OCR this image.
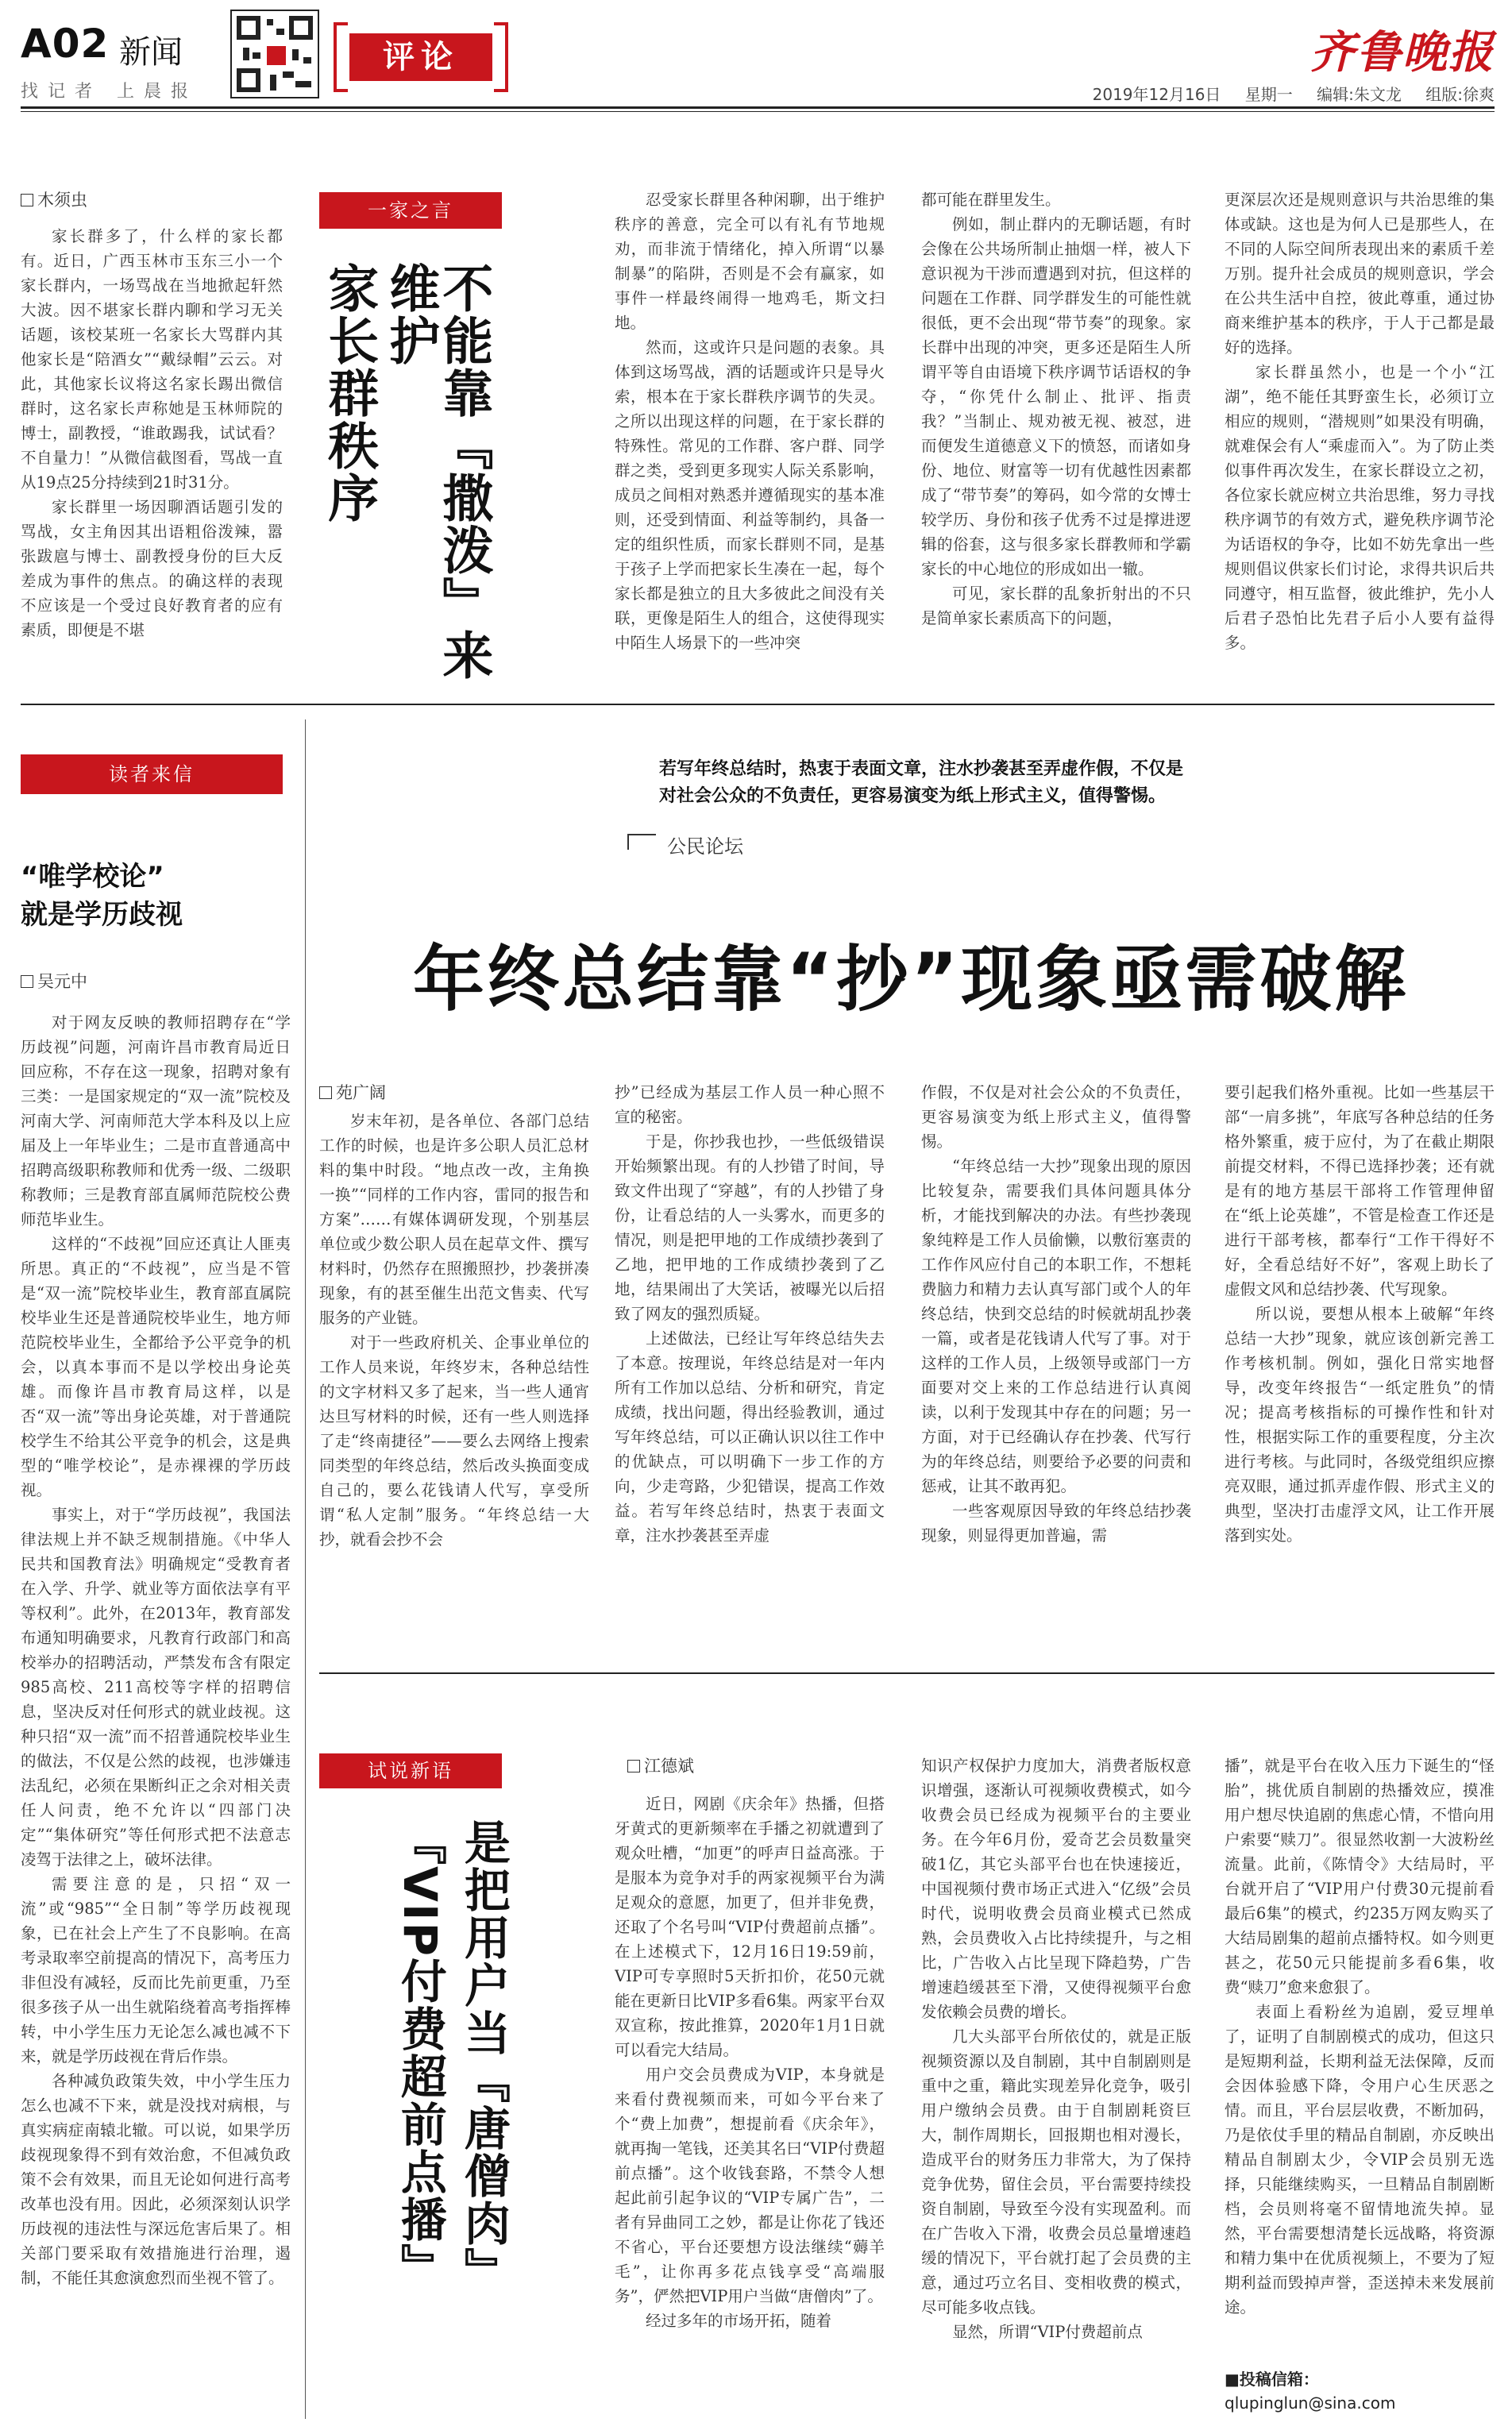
A02 新闻
找记者 上晨报
评论	齐鲁晚报
2019年12月16日 星期一 编辑:朱文龙 组版:徐爽
木须虫

家长群多了，什么样的家长都有。近日，广西玉林市玉东三小一个家长群内，一场骂战在当地掀起轩然大波。因不堪家长群内聊和学习无关话题，该校某班一名家长大骂群内其他家长是“陪酒女”“戴绿帽”云云。对此，其他家长议将这名家长踢出微信群时，这名家长声称她是玉林师院的博士，副教授，“谁敢踢我，试试看？不自量力！”从微信截图看，骂战一直从19点25分持续到21时31分。

家长群里一场因聊酒话题引发的骂战，女主角因其出语粗俗泼辣，嚣张跋扈与博士、副教授身份的巨大反差成为事件的焦点。的确这样的表现不应该是一个受过良好教育者的应有素质，即便是不堪

一家之言
不能靠『撒泼』来维护
家长群秩序

忍受家长群里各种闲聊，出于维护秩序的善意，完全可以有礼有节地规劝，而非流于情绪化，掉入所谓“以暴制暴”的陷阱，否则是不会有赢家，如事件一样最终闹得一地鸡毛，斯文扫地。

然而，这或许只是问题的表象。具体到这场骂战，酒的话题或许只是导火索，根本在于家长群秩序调节的失灵。之所以出现这样的问题，在于家长群的特殊性。常见的工作群、客户群、同学群之类，受到更多现实人际关系影响，成员之间相对熟悉并遵循现实的基本准则，还受到情面、利益等制约，具备一定的组织性质，而家长群则不同，是基于孩子上学而把家长生凑在一起，每个家长都是独立的且大多彼此之间没有关联，更像是陌生人的组合，这使得现实中陌生人场景下的一些冲突

都可能在群里发生。

例如，制止群内的无聊话题，有时会像在公共场所制止抽烟一样，被人下意识视为干涉而遭遇到对抗，但这样的问题在工作群、同学群发生的可能性就很低，更不会出现“带节奏”的现象。家长群中出现的冲突，更多还是陌生人所谓平等自由语境下秩序调节话语权的争夺，“你凭什么制止、批评、指责我？”当制止、规劝被无视、被怼，进而便发生道德意义下的愤怒，而诸如身份、地位、财富等一切有优越性因素都成了“带节奏”的筹码，如今常的女博士较学历、身份和孩子优秀不过是撑进逻辑的俗套，这与很多家长群教师和学霸家长的中心地位的形成如出一辙。

可见，家长群的乱象折射出的不只是简单家长素质高下的问题，

更深层次还是规则意识与共治思维的集体或缺。这也是为何人已是那些人，在不同的人际空间所表现出来的素质千差万别。提升社会成员的规则意识，学会在公共生活中自控，彼此尊重，通过协商来维护基本的秩序，于人于己都是最好的选择。

家长群虽然小，也是一个小“江湖”，绝不能任其野蛮生长，必须订立相应的规则，“潜规则”如果没有明确，就难保会有人“乘虚而入”。为了防止类似事件再次发生，在家长群设立之初，各位家长就应树立共治思维，努力寻找秩序调节的有效方式，避免秩序调节沦为话语权的争夺，比如不妨先拿出一些规则倡议供家长们讨论，求得共识后共同遵守，相互监督，彼此维护，先小人后君子恐怕比先君子后小人要有益得多。

读者来信
“唯学校论”
就是学历歧视
吴元中

对于网友反映的教师招聘存在“学历歧视”问题，河南许昌市教育局近日回应称，不存在这一现象，招聘对象有三类：一是国家规定的“双一流”院校及河南大学、河南师范大学本科及以上应届及上一年毕业生；二是市直普通高中招聘高级职称教师和优秀一级、二级职称教师；三是教育部直属师范院校公费师范毕业生。

这样的“不歧视”回应还真让人匪夷所思。真正的“不歧视”，应当是不管是“双一流”院校毕业生，教育部直属院校毕业生还是普通院校毕业生，地方师范院校毕业生，全都给予公平竞争的机会，以真本事而不是以学校出身论英雄。而像许昌市教育局这样，以是否“双一流”等出身论英雄，对于普通院校学生不给其公平竞争的机会，这是典型的“唯学校论”，是赤裸裸的学历歧视。

事实上，对于“学历歧视”，我国法律法规上并不缺乏规制措施。《中华人民共和国教育法》明确规定“受教育者在入学、升学、就业等方面依法享有平等权利”。此外，在2013年，教育部发布通知明确要求，凡教育行政部门和高校举办的招聘活动，严禁发布含有限定985高校、211高校等字样的招聘信息，坚决反对任何形式的就业歧视。这种只招“双一流”而不招普通院校毕业生的做法，不仅是公然的歧视，也涉嫌违法乱纪，必须在果断纠正之余对相关责任人问责，绝不允许以“四部门决定”“集体研究”等任何形式把不法意志凌驾于法律之上，破坏法律。

需要注意的是，只招“双一流”或“985”“全日制”等学历歧视现象，已在社会上产生了不良影响。在高考录取率空前提高的情况下，高考压力非但没有减轻，反而比先前更重，乃至很多孩子从一出生就陷绕着高考指挥棒转，中小学生压力无论怎么减也减不下来，就是学历歧视在背后作祟。

各种减负政策失效，中小学生压力怎么也减不下来，就是没找对病根，与真实病症南辕北辙。可以说，如果学历歧视现象得不到有效治愈，不但减负政策不会有效果，而且无论如何进行高考改革也没有用。因此，必须深刻认识学历歧视的违法性与深远危害后果了。相关部门要采取有效措施进行治理，遏制，不能任其愈演愈烈而坐视不管了。

若写年终总结时，热衷于表面文章，注水抄袭甚至弄虚作假，不仅是对社会公众的不负责任，更容易演变为纸上形式主义，值得警惕。
公民论坛
年终总结靠“抄”现象亟需破解
苑广阔

岁末年初，是各单位、各部门总结工作的时候，也是许多公职人员汇总材料的集中时段。“地点改一改，主角换一换”“同样的工作内容，雷同的报告和方案”……有媒体调研发现，个别基层单位或少数公职人员在起草文件、撰写材料时，仍然存在照搬照抄，抄袭拼凑现象，有的甚至催生出范文售卖、代写服务的产业链。

对于一些政府机关、企事业单位的工作人员来说，年终岁末，各种总结性的文字材料又多了起来，当一些人通宵达旦写材料的时候，还有一些人则选择了走“终南捷径”——要么去网络上搜索同类型的年终总结，然后改头换面变成自己的，要么花钱请人代写，享受所谓“私人定制”服务。“年终总结一大抄，就看会抄不会

抄”已经成为基层工作人员一种心照不宣的秘密。

于是，你抄我也抄，一些低级错误开始频繁出现。有的人抄错了时间，导致文件出现了“穿越”，有的人抄错了身份，让看总结的人一头雾水，而更多的情况，则是把甲地的工作成绩抄袭到了乙地，把甲地的工作成绩抄袭到了乙地，结果闹出了大笑话，被曝光以后招致了网友的强烈质疑。

上述做法，已经让写年终总结失去了本意。按理说，年终总结是对一年内所有工作加以总结、分析和研究，肯定成绩，找出问题，得出经验教训，通过写年终总结，可以正确认识以往工作中的优缺点，可以明确下一步工作的方向，少走弯路，少犯错误，提高工作效益。若写年终总结时，热衷于表面文章，注水抄袭甚至弄虚

作假，不仅是对社会公众的不负责任，更容易演变为纸上形式主义，值得警惕。

“年终总结一大抄”现象出现的原因比较复杂，需要我们具体问题具体分析，才能找到解决的办法。有些抄袭现象纯粹是工作人员偷懒，以敷衍塞责的工作作风应付自己的本职工作，不想耗费脑力和精力去认真写部门或个人的年终总结，快到交总结的时候就胡乱抄袭一篇，或者是花钱请人代写了事。对于这样的工作人员，上级领导或部门一方面要对交上来的工作总结进行认真阅读，以利于发现其中存在的问题；另一方面，对于已经确认存在抄袭、代写行为的年终总结，则要给予必要的问责和惩戒，让其不敢再犯。

一些客观原因导致的年终总结抄袭现象，则显得更加普遍，需

要引起我们格外重视。比如一些基层干部“一肩多挑”，年底写各种总结的任务格外繁重，疲于应付，为了在截止期限前提交材料，不得已选择抄袭；还有就是有的地方基层干部将工作管理伸留在“纸上论英雄”，不管是检查工作还是进行干部考核，都奉行“工作干得好不好，全看总结好不好”，客观上助长了虚假文风和总结抄袭、代写现象。

所以说，要想从根本上破解“年终总结一大抄”现象，就应该创新完善工作考核机制。例如，强化日常实地督导，改变年终报告“一纸定胜负”的情况；提高考核指标的可操作性和针对性，根据实际工作的重要程度，分主次进行考核。与此同时，各级党组织应擦亮双眼，通过抓弄虚作假、形式主义的典型，坚决打击虚浮文风，让工作开展落到实处。

试说新语
是把用户当『唐僧肉』
『VIP付费超前点播』
江德斌

近日，网剧《庆余年》热播，但搭牙黄式的更新频率在手播之初就遭到了观众吐槽，“加更”的呼声日益高涨。于是服本为竞争对手的两家视频平台为满足观众的意愿，加更了，但并非免费，还取了个名号叫“VIP付费超前点播”。在上述模式下，12月16日19:59前，VIP可专享照时5天折扣价，花50元就能在更新日比VIP多看6集。两家平台双双宣称，按此推算，2020年1月1日就可以看完大结局。

用户交会员费成为VIP，本身就是来看付费视频而来，可如今平台来了个“费上加费”，想提前看《庆余年》，就再掏一笔钱，还美其名曰“VIP付费超前点播”。这个收钱套路，不禁令人想起此前引起争议的“VIP专属广告”，二者有异曲同工之妙，都是让你花了钱还不省心，平台还要想方设法继续“薅羊毛”，让你再多花点钱享受“高端服务”，俨然把VIP用户当做“唐僧肉”了。

经过多年的市场开拓，随着

知识产权保护力度加大，消费者版权意识增强，逐渐认可视频收费模式，如今收费会员已经成为视频平台的主要业务。在今年6月份，爱奇艺会员数量突破1亿，其它头部平台也在快速接近，中国视频付费市场正式进入“亿级”会员时代，说明收费会员商业模式已然成熟，会员费收入占比持续提升，与之相比，广告收入占比呈现下降趋势，广告增速趋缓甚至下滑，又使得视频平台愈发依赖会员费的增长。

几大头部平台所依仗的，就是正版视频资源以及自制剧，其中自制剧则是重中之重，籍此实现差异化竞争，吸引用户缴纳会员费。由于自制剧耗资巨大，制作周期长，回报期也相对漫长，造成平台的财务压力非常大，为了保持竞争优势，留住会员，平台需要持续投资自制剧，导致至今没有实现盈利。而在广告收入下滑，收费会员总量增速趋缓的情况下，平台就打起了会员费的主意，通过巧立名目、变相收费的模式，尽可能多收点钱。

显然，所谓“VIP付费超前点

播”，就是平台在收入压力下诞生的“怪胎”，挑优质自制剧的热播效应，摸准用户想尽快追剧的焦虑心情，不惜向用户索要“赎刀”。很显然收割一大波粉丝流量。此前，《陈情令》大结局时，平台就开启了“VIP用户付费30元提前看最后6集”的模式，约235万网友购买了大结局剧集的超前点播特权。如今则更甚之，花50元只能提前多看6集，收费“赎刀”愈来愈狠了。

表面上看粉丝为追剧，爱豆埋单了，证明了自制剧模式的成功，但这只是短期利益，长期利益无法保障，反而会因体验感下降，令用户心生厌恶之情。而且，平台层层收费，不断加码，乃是依仗手里的精品自制剧，亦反映出精品自制剧太少，令VIP会员别无选择，只能继续购买，一旦精品自制剧断档，会员则将毫不留情地流失掉。显然，平台需要想清楚长远战略，将资源和精力集中在优质视频上，不要为了短期利益而毁掉声誉，歪送掉未来发展前途。

■投稿信箱：
qlupinglun@sina.com
